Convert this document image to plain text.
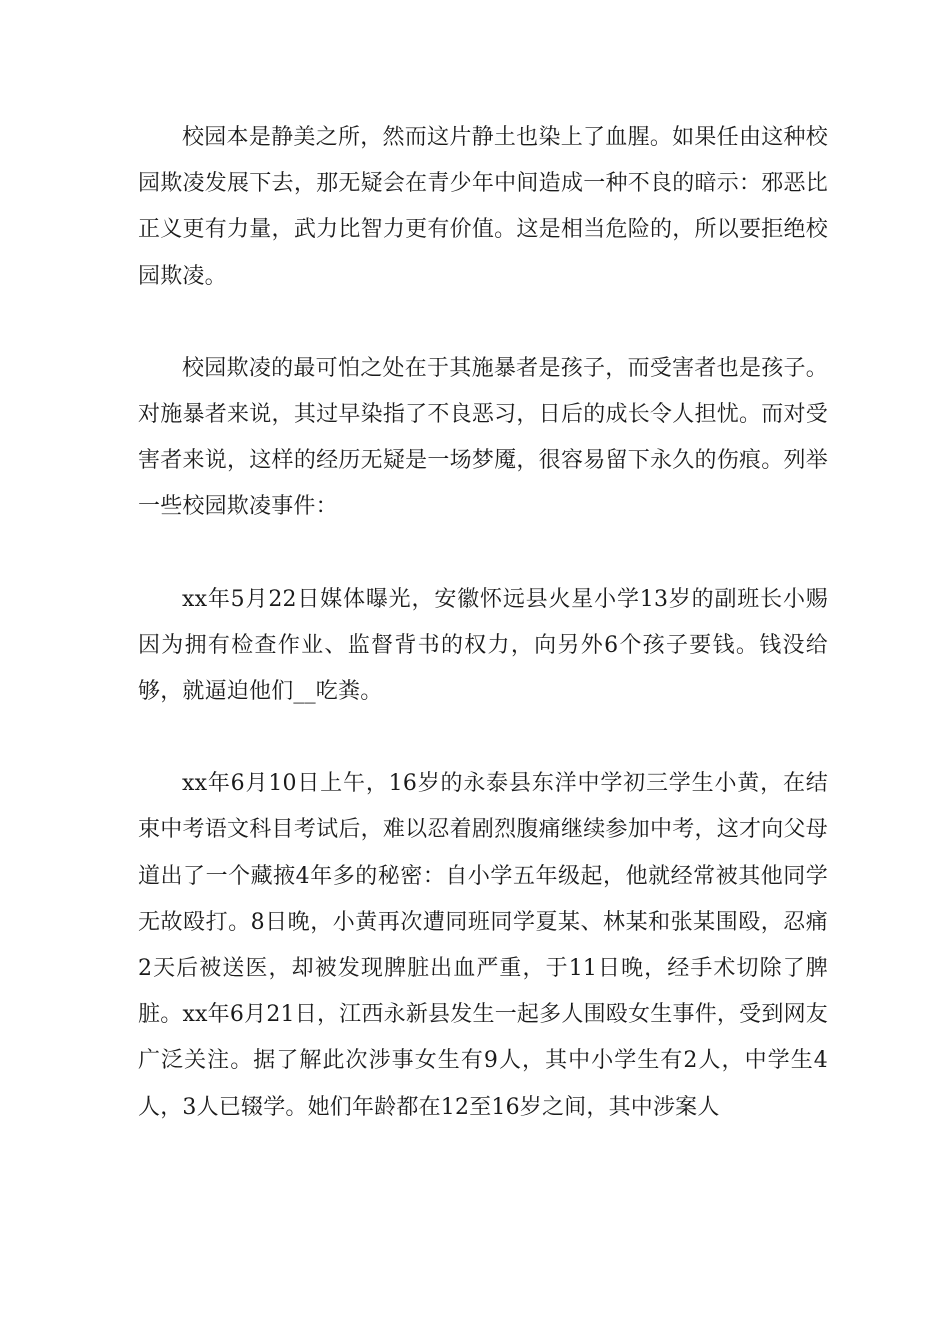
校园本是静美之所，然而这片静土也染上了血腥。如果任由这种校园欺凌发展下去，那无疑会在青少年中间造成一种不良的暗示：邪恶比正义更有力量，武力比智力更有价值。这是相当危险的，所以要拒绝校园欺凌。

校园欺凌的最可怕之处在于其施暴者是孩子，而受害者也是孩子。对施暴者来说，其过早染指了不良恶习，日后的成长令人担忧。而对受害者来说，这样的经历无疑是一场梦魇，很容易留下永久的伤痕。列举一些校园欺凌事件：

xx年5月22日媒体曝光，安徽怀远县火星小学13岁的副班长小赐因为拥有检查作业、监督背书的权力，向另外6个孩子要钱。钱没给够，就逼迫他们__吃粪。

xx年6月10日上午，16岁的永泰县东洋中学初三学生小黄，在结束中考语文科目考试后，难以忍着剧烈腹痛继续参加中考，这才向父母道出了一个藏掖4年多的秘密：自小学五年级起，他就经常被其他同学无故殴打。8日晚，小黄再次遭同班同学夏某、林某和张某围殴，忍痛2天后被送医，却被发现脾脏出血严重，于11日晚，经手术切除了脾脏。xx年6月21日，江西永新县发生一起多人围殴女生事件，受到网友广泛关注。据了解此次涉事女生有9人，其中小学生有2人，中学生4人，3人已辍学。她们年龄都在12至16岁之间，其中涉案人
